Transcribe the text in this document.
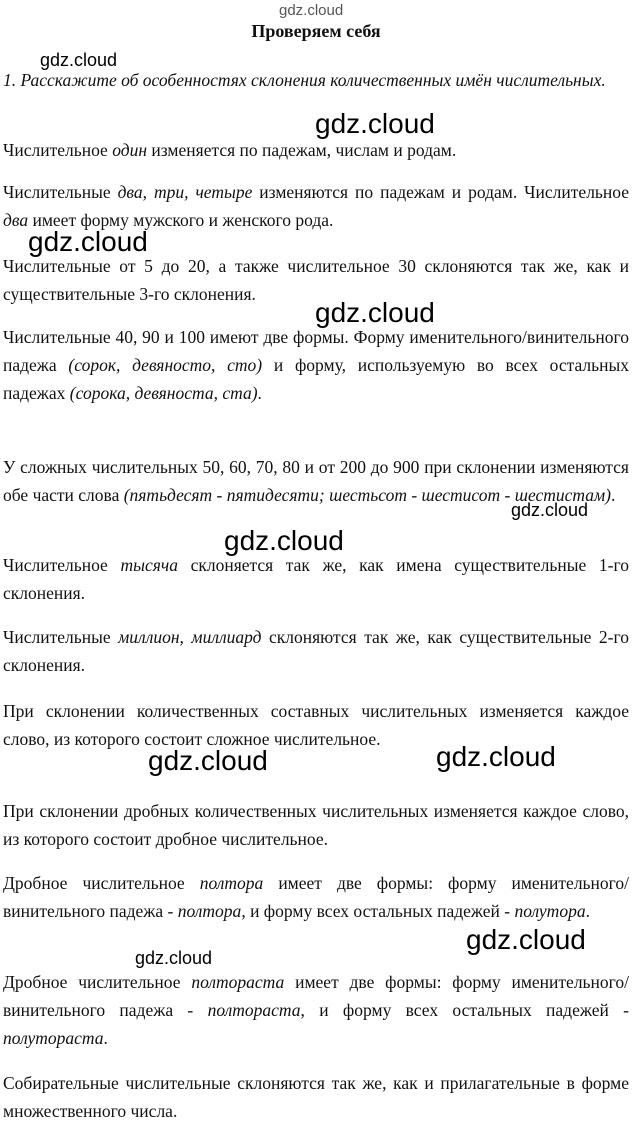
gdz.cloud
Проверяем себя
1. Расскажите об особенностях склонения количественных имён числительных.
Числительное один изменяется по падежам, числам и родам.
Числительные два, три, четыре изменяются по падежам и родам. Числительное два имеет форму мужского и женского рода.
Числительные от 5 до 20, а также числительное 30 склоняются так же, как и существительные 3-го склонения.
Числительные 40, 90 и 100 имеют две формы. Форму именительного/винительного падежа (сорок, девяносто, сто) и форму, используемую во всех остальных падежах (сорока, девяноста, ста).
У сложных числительных 50, 60, 70, 80 и от 200 до 900 при склонении изменяются обе части слова (пятьдесят - пятидесяти; шестьсот - шестисот - шестистам).
Числительное тысяча склоняется так же, как имена существительные 1-го склонения.
Числительные миллион, миллиард склоняются так же, как существительные 2-го склонения.
При склонении количественных составных числительных изменяется каждое слово, из которого состоит сложное числительное.
При склонении дробных количественных числительных изменяется каждое слово, из которого состоит дробное числительное.
Дробное числительное полтора имеет две формы: форму именительного/винительного падежа - полтора, и форму всех остальных падежей - полутора.
Дробное числительное полтораста имеет две формы: форму именительного/винительного падежа - полтораста, и форму всех остальных падежей - полутораста.
Собирательные числительные склоняются так же, как и прилагательные в форме множественного числа.
gdz.cloud
gdz.cloud
gdz.cloud
gdz.cloud
gdz.cloud
gdz.cloud
gdz.cloud	gdz.cloud
gdz.cloud
gdz.cloud
